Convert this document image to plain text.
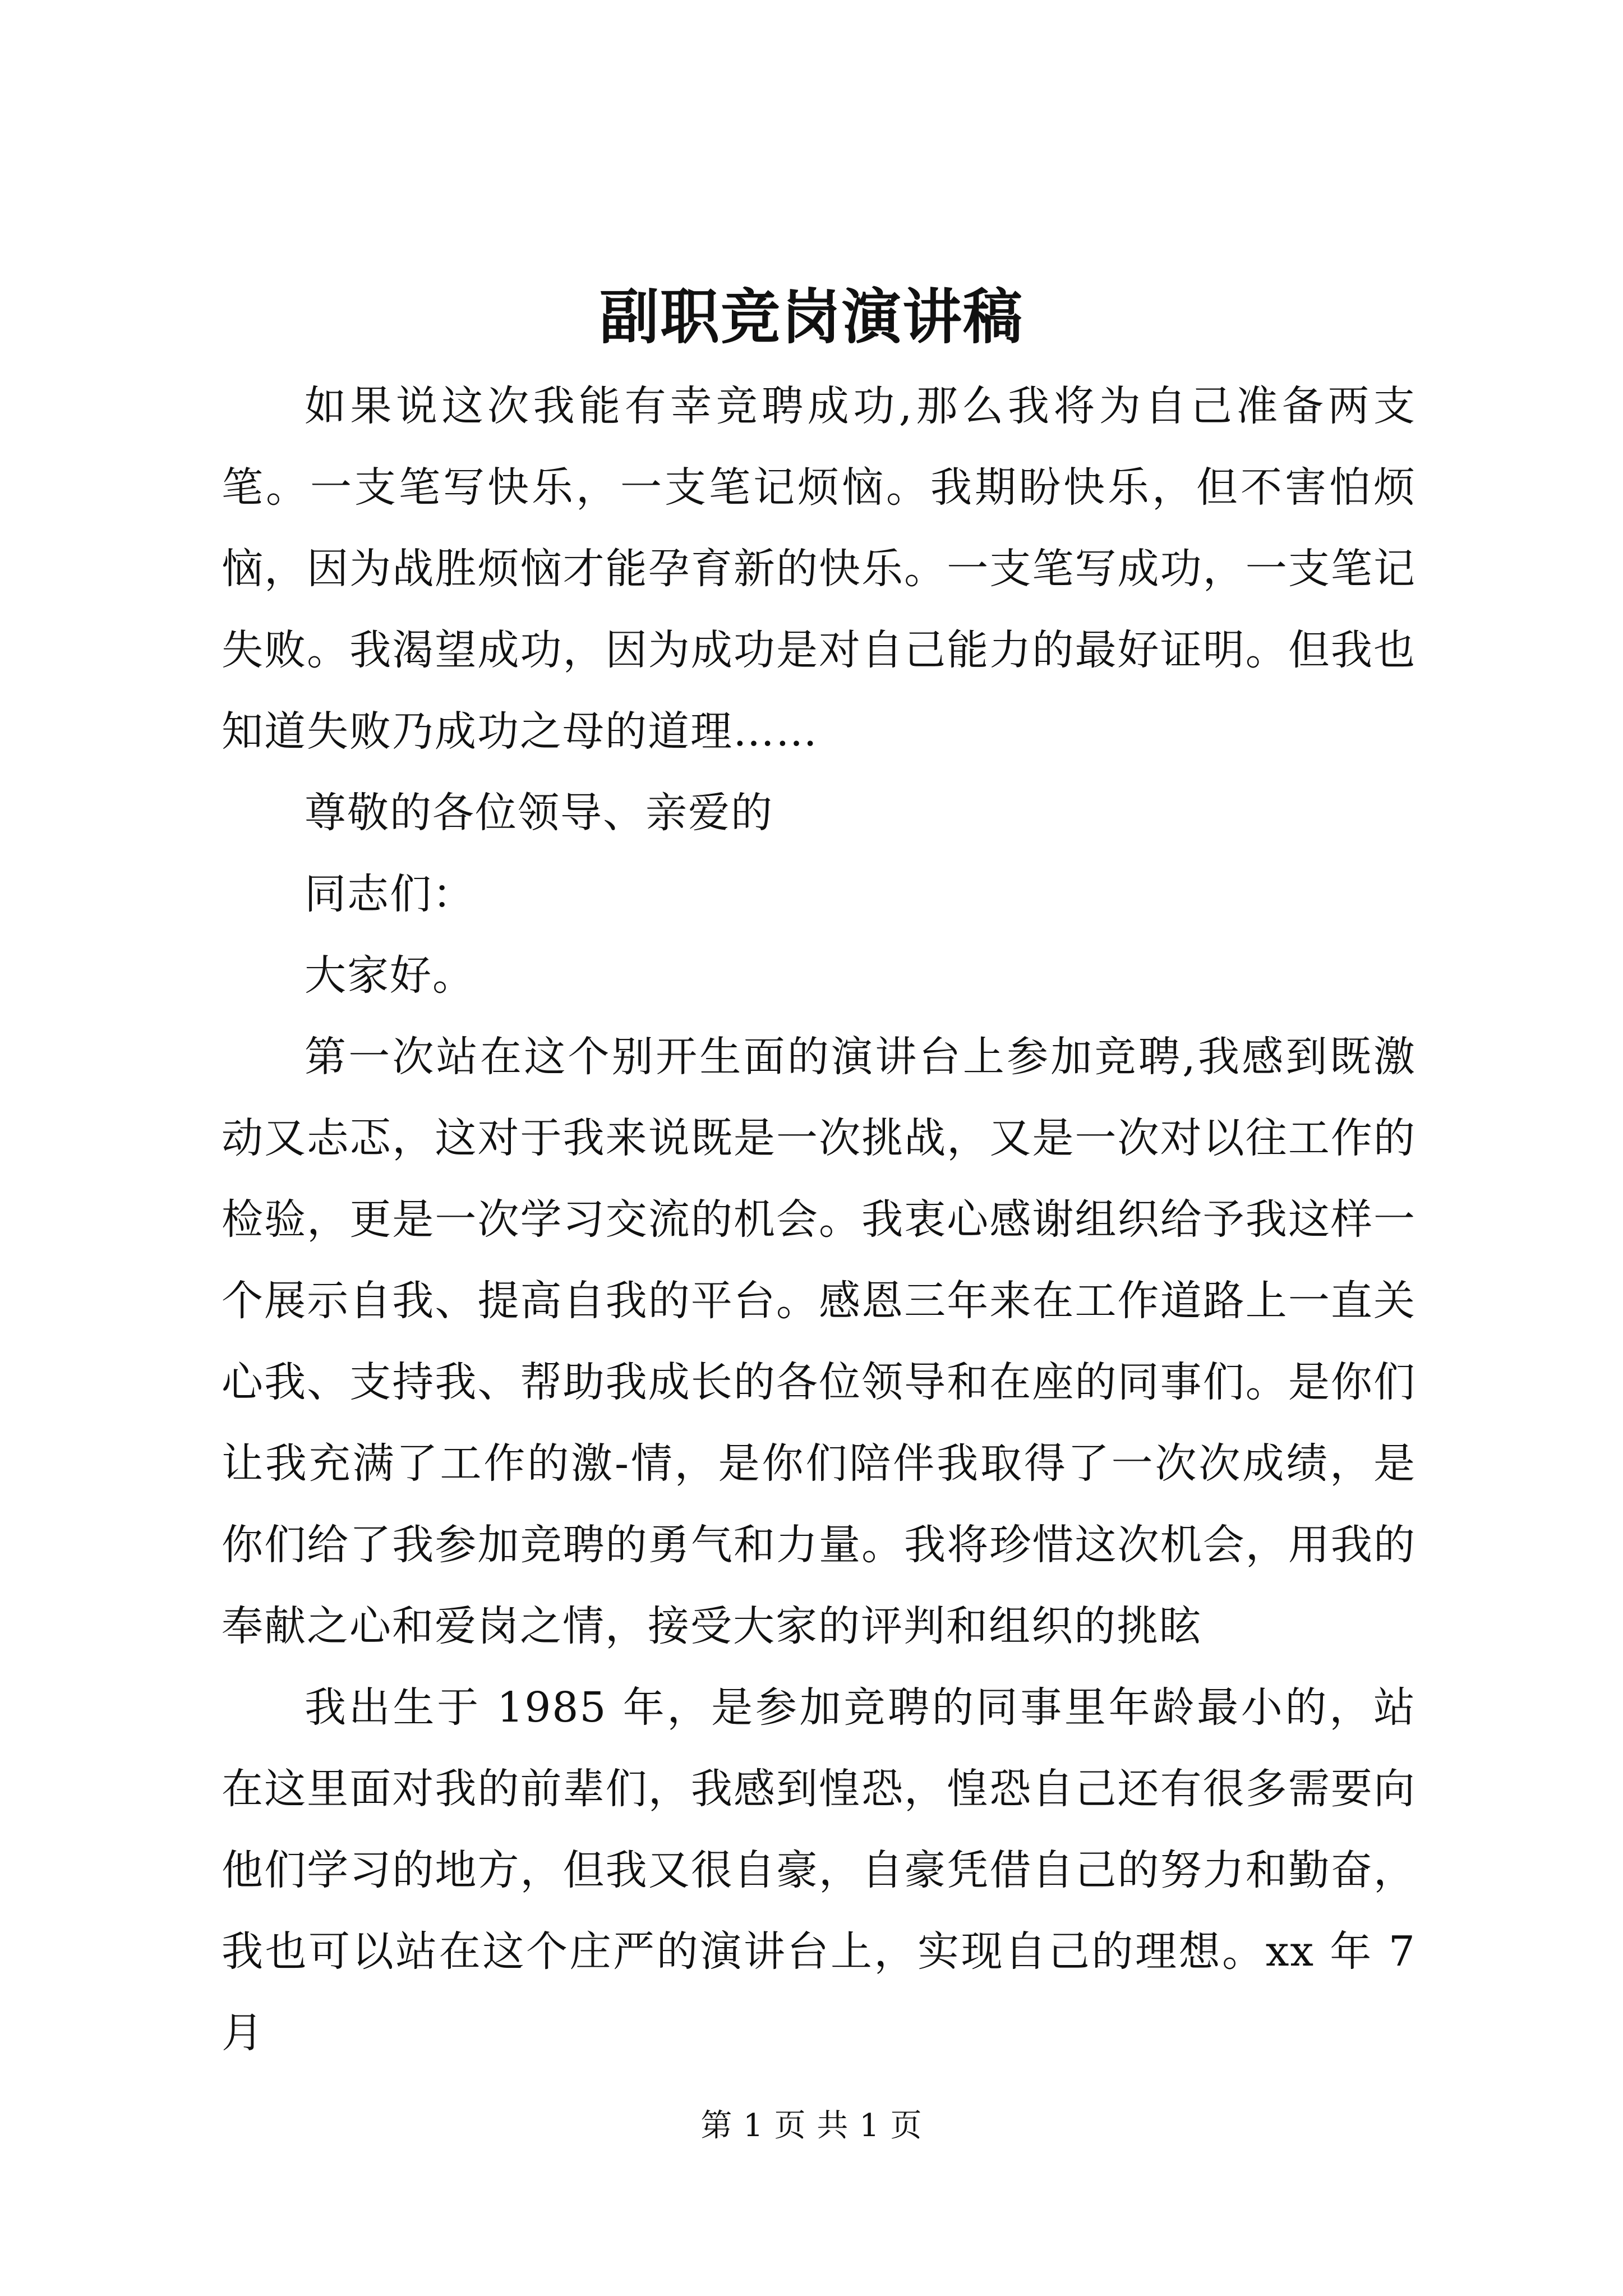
副职竞岗演讲稿

如果说这次我能有幸竞聘成功,那么我将为自己准备两支笔。一支笔写快乐，一支笔记烦恼。我期盼快乐，但不害怕烦恼，因为战胜烦恼才能孕育新的快乐。一支笔写成功，一支笔记失败。我渴望成功，因为成功是对自己能力的最好证明。但我也知道失败乃成功之母的道理……

尊敬的各位领导、亲爱的

同志们：

大家好。

第一次站在这个别开生面的演讲台上参加竞聘,我感到既激动又忐忑，这对于我来说既是一次挑战，又是一次对以往工作的检验，更是一次学习交流的机会。我衷心感谢组织给予我这样一个展示自我、提高自我的平台。感恩三年来在工作道路上一直关心我、支持我、帮助我成长的各位领导和在座的同事们。是你们让我充满了工作的激-情，是你们陪伴我取得了一次次成绩，是你们给了我参加竞聘的勇气和力量。我将珍惜这次机会，用我的奉献之心和爱岗之情，接受大家的评判和组织的挑眩

我出生于 1985 年，是参加竞聘的同事里年龄最小的，站在这里面对我的前辈们，我感到惶恐，惶恐自己还有很多需要向他们学习的地方，但我又很自豪，自豪凭借自己的努力和勤奋，我也可以站在这个庄严的演讲台上，实现自己的理想。xx 年 7 月

第 1 页 共 1 页
